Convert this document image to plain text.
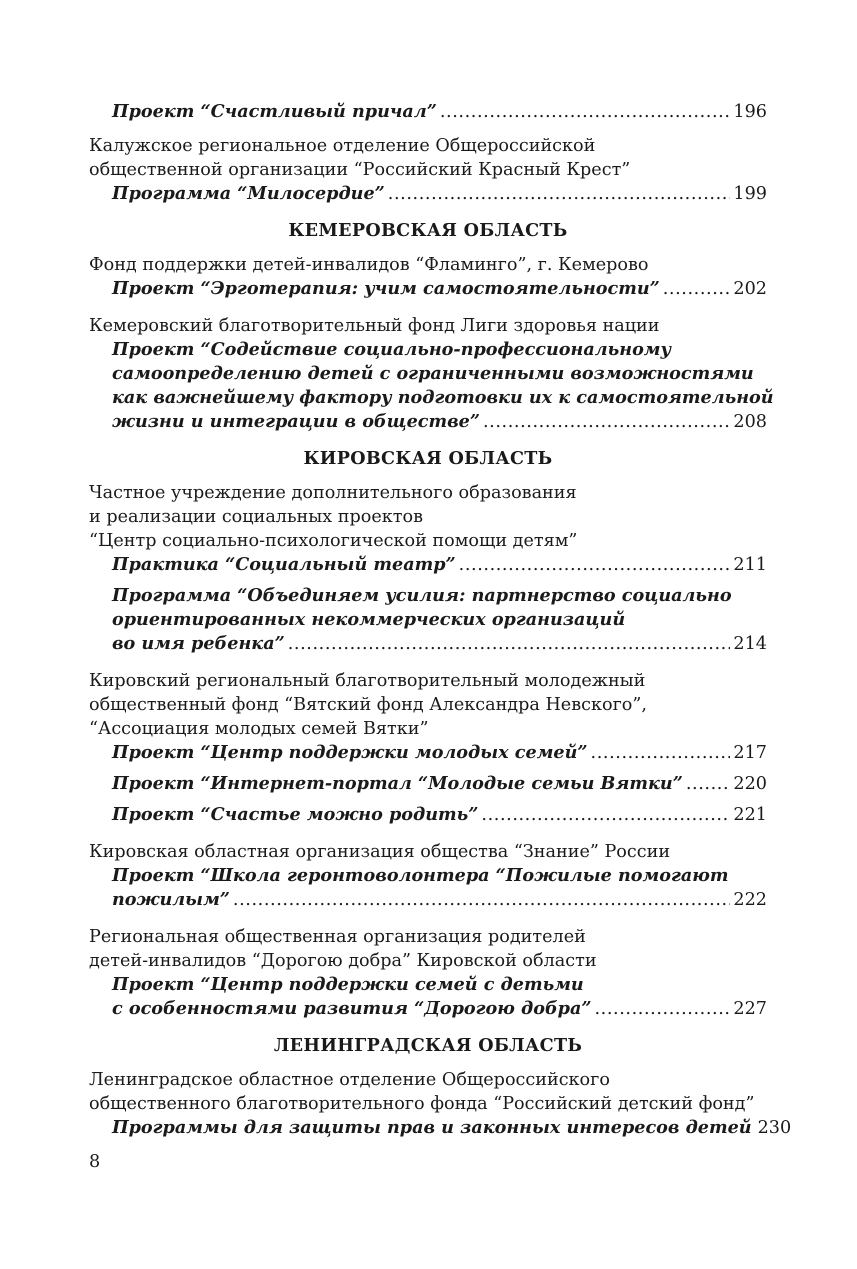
Проект “Счастливый причал” . . .	196
Калужское региональное отделение Общероссийской
общественной организации “Российский Красный Крест”
Программа “Милосердие” . . .	199
КЕМЕРОВСКАЯ ОБЛАСТЬ
Фонд поддержки детей-инвалидов “Фламинго”, г. Кемерово
Проект “Эрготерапия: учим самостоятельности” . . .	202
Кемеровский благотворительный фонд Лиги здоровья нации
Проект “Содействие социально-профессиональному
самоопределению детей с ограниченными возможностями
как важнейшему фактору подготовки их к самостоятельной
жизни и интеграции в обществе” . . .	208
КИРОВСКАЯ ОБЛАСТЬ
Частное учреждение дополнительного образования
и реализации социальных проектов
“Центр социально-психологической помощи детям”
Практика “Социальный театр” . . .	211
Программа “Объединяем усилия: партнерство социально
ориентированных некоммерческих организаций
во имя ребенка” . . .	214
Кировский региональный благотворительный молодежный
общественный фонд “Вятский фонд Александра Невского”,
“Ассоциация молодых семей Вятки”
Проект “Центр поддержки молодых семей” . . .	217
Проект “Интернет-портал “Молодые семьи Вятки” . . .	220
Проект “Счастье можно родить” . . .	221
Кировская областная организация общества “Знание” России
Проект “Школа геронтоволонтера “Пожилые помогают
пожилым” . . .	222
Региональная общественная организация родителей
детей-инвалидов “Дорогою добра” Кировской области
Проект “Центр поддержки семей с детьми
с особенностями развития “Дорогою добра” . . .	227
ЛЕНИНГРАДСКАЯ ОБЛАСТЬ
Ленинградское областное отделение Общероссийского
общественного благотворительного фонда “Российский детский фонд”
Программы для защиты прав и законных интересов детей 230
8
